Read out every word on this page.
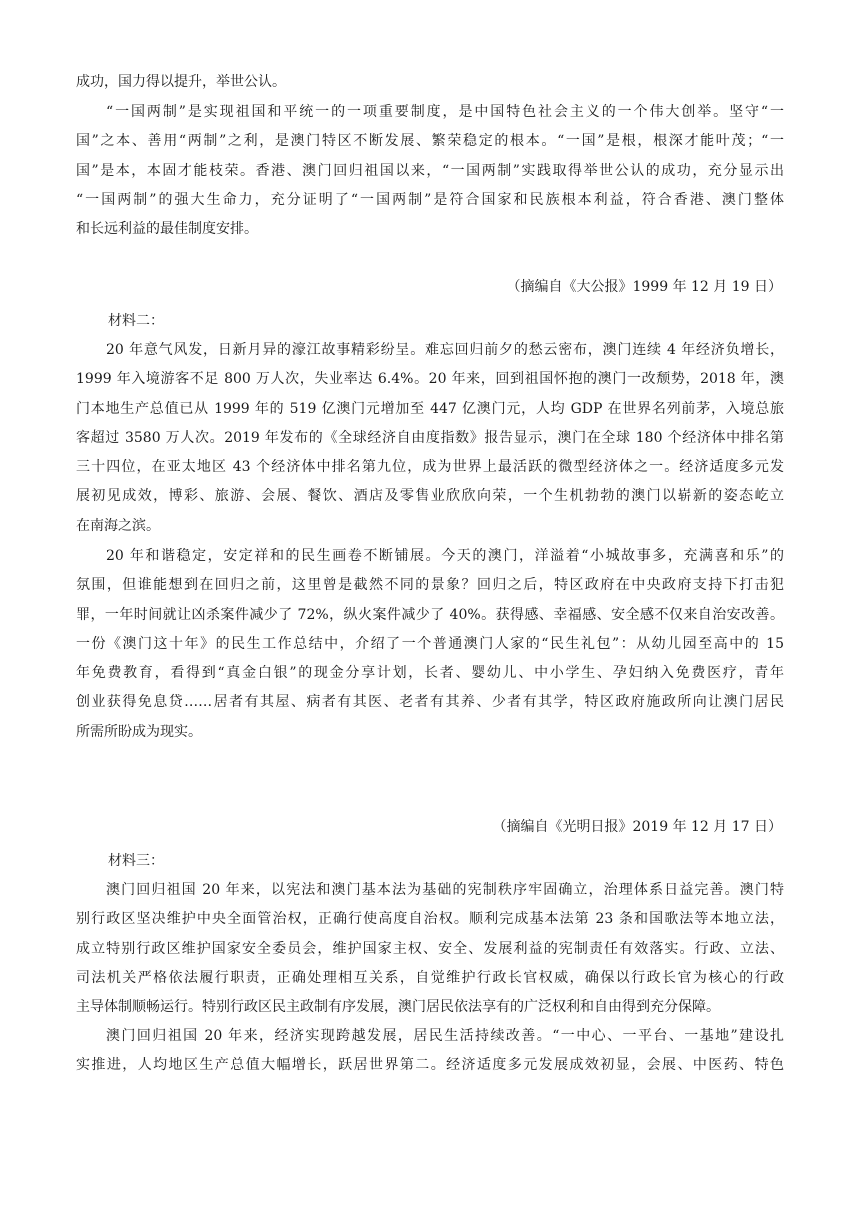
成功，国力得以提升，举世公认。

“一国两制”是实现祖国和平统一的一项重要制度，是中国特色社会主义的一个伟大创举。坚守“一
国”之本、善用“两制”之利，是澳门特区不断发展、繁荣稳定的根本。“一国”是根，根深才能叶茂；“一
国”是本，本固才能枝荣。香港、澳门回归祖国以来，“一国两制”实践取得举世公认的成功，充分显示出
“一国两制”的强大生命力，充分证明了“一国两制”是符合国家和民族根本利益，符合香港、澳门整体
和长远利益的最佳制度安排。

（摘编自《大公报》1999 年 12 月 19 日）
材料二：

20 年意气风发，日新月异的濠江故事精彩纷呈。难忘回归前夕的愁云密布，澳门连续 4 年经济负增长，
1999 年入境游客不足 800 万人次，失业率达 6.4%。20 年来，回到祖国怀抱的澳门一改颓势，2018 年，澳
门本地生产总值已从 1999 年的 519 亿澳门元增加至 447 亿澳门元，人均 GDP 在世界名列前茅，入境总旅
客超过 3580 万人次。2019 年发布的《全球经济自由度指数》报告显示，澳门在全球 180 个经济体中排名第
三十四位，在亚太地区 43 个经济体中排名第九位，成为世界上最活跃的微型经济体之一。经济适度多元发
展初见成效，博彩、旅游、会展、餐饮、酒店及零售业欣欣向荣，一个生机勃勃的澳门以崭新的姿态屹立
在南海之滨。

20 年和谐稳定，安定祥和的民生画卷不断铺展。今天的澳门，洋溢着“小城故事多，充满喜和乐”的
氛围，但谁能想到在回归之前，这里曾是截然不同的景象？回归之后，特区政府在中央政府支持下打击犯
罪，一年时间就让凶杀案件减少了 72%，纵火案件减少了 40%。获得感、幸福感、安全感不仅来自治安改善。
一份《澳门这十年》的民生工作总结中，介绍了一个普通澳门人家的“民生礼包”：从幼儿园至高中的 15
年免费教育，看得到“真金白银”的现金分享计划，长者、婴幼儿、中小学生、孕妇纳入免费医疗，青年
创业获得免息贷……居者有其屋、病者有其医、老者有其养、少者有其学，特区政府施政所向让澳门居民
所需所盼成为现实。

（摘编自《光明日报》2019 年 12 月 17 日）
材料三：

澳门回归祖国 20 年来，以宪法和澳门基本法为基础的宪制秩序牢固确立，治理体系日益完善。澳门特
别行政区坚决维护中央全面管治权，正确行使高度自治权。顺利完成基本法第 23 条和国歌法等本地立法，
成立特别行政区维护国家安全委员会，维护国家主权、安全、发展利益的宪制责任有效落实。行政、立法、
司法机关严格依法履行职责，正确处理相互关系，自觉维护行政长官权威，确保以行政长官为核心的行政
主导体制顺畅运行。特别行政区民主政制有序发展，澳门居民依法享有的广泛权利和自由得到充分保障。

澳门回归祖国 20 年来，经济实现跨越发展，居民生活持续改善。“一中心、一平台、一基地”建设扎
实推进，人均地区生产总值大幅增长，跃居世界第二。经济适度多元发展成效初显，会展、中医药、特色
